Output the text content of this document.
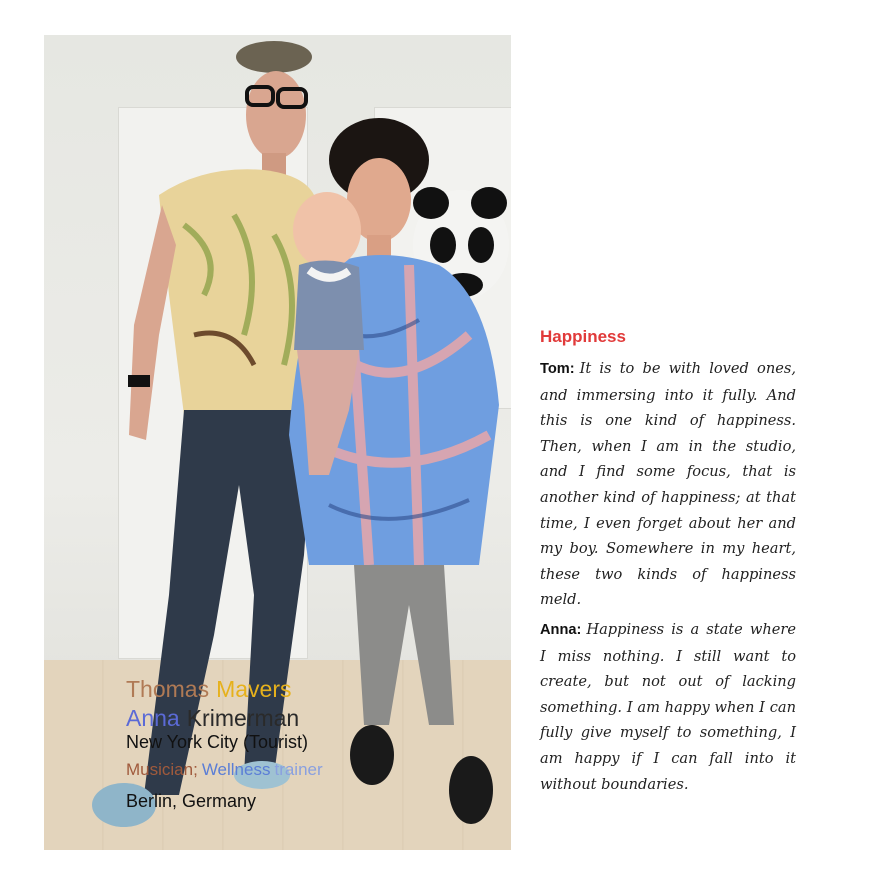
Thomas Mavers
Anna Krimerman
New York City (Tourist)
Musician; Wellness trainer
Berlin, Germany
Happiness

Tom: It is to be with loved ones, and immersing into it fully. And this is one kind of happiness. Then, when I am in the studio, and I find some focus, that is another kind of happiness; at that time, I even forget about her and my boy. Somewhere in my heart, these two kinds of happiness meld.

Anna: Happiness is a state where I miss nothing. I still want to create, but not out of lacking something. I am happy when I can fully give myself to something, I am happy if I can fall into it without boundaries.
